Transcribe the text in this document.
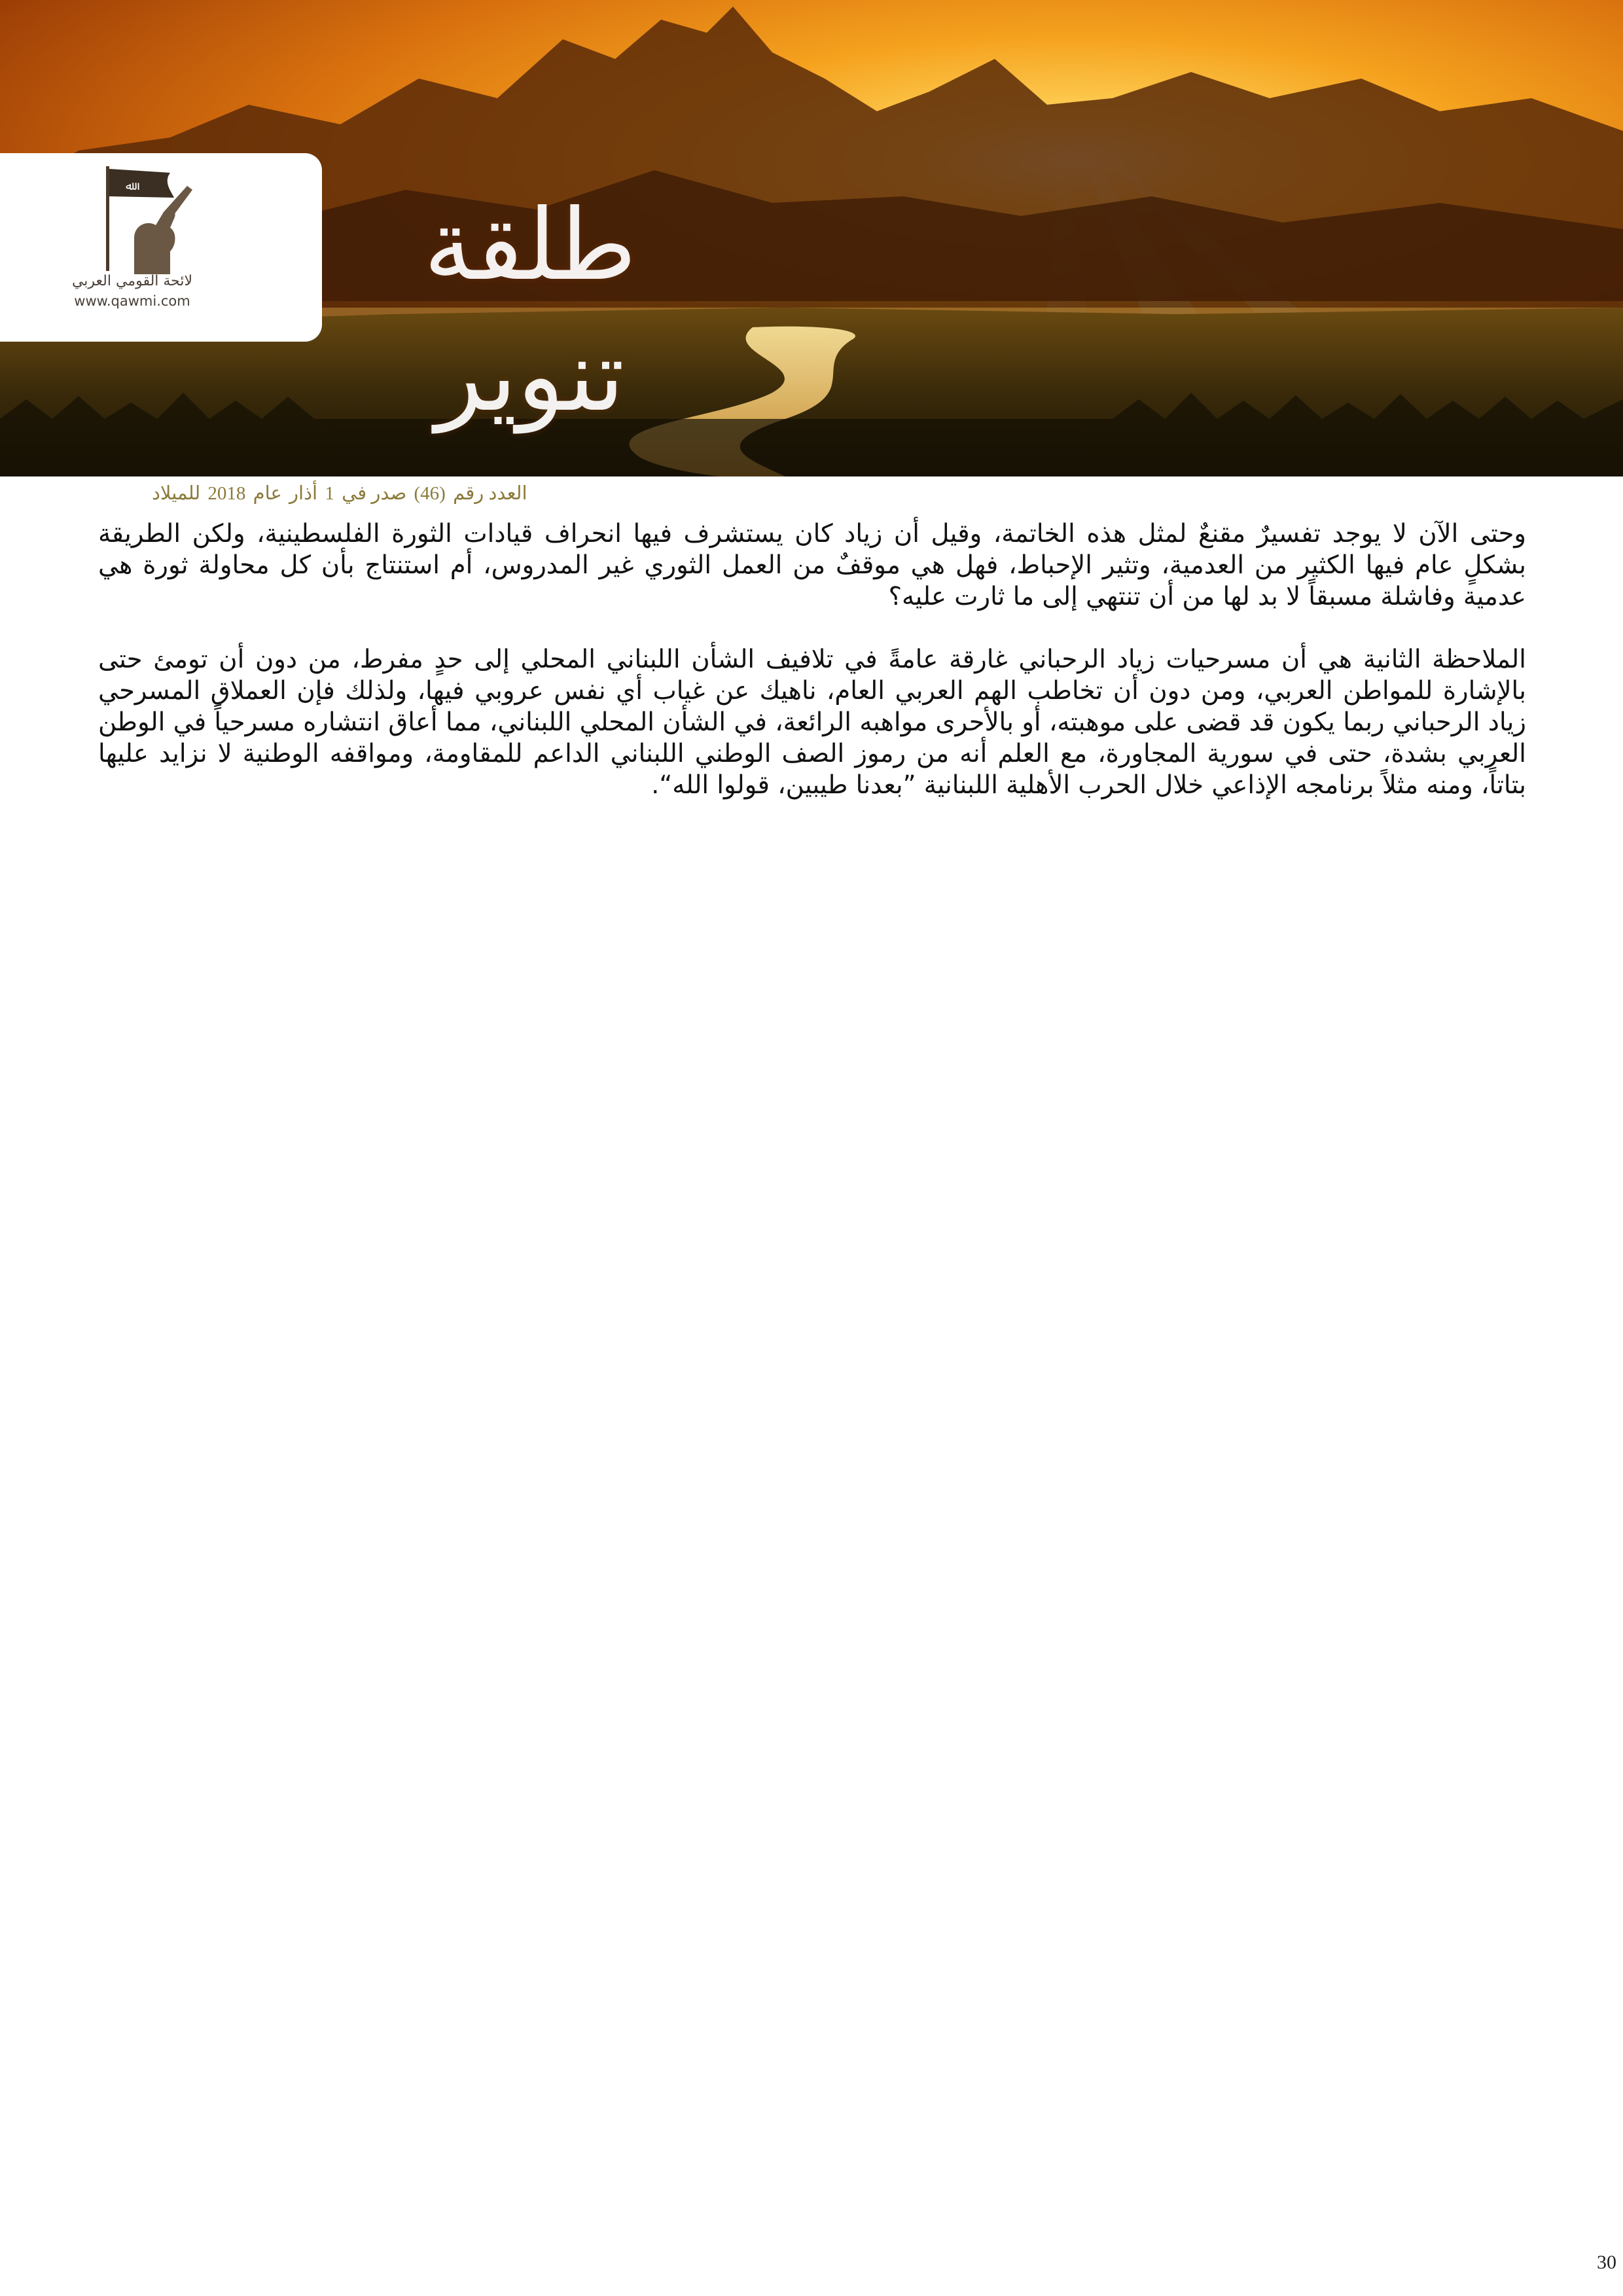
ﷲ
لائحة القومي العربي
www.qawmi.com	طلقة تنوير
العدد رقم (46) صدر في 1 أذار عام 2018 للميلاد

وحتى الآن لا يوجد تفسيرٌ مقنعٌ لمثل هذه الخاتمة، وقيل أن زياد كان يستشرف فيها انحراف قيادات الثورة الفلسطينية، ولكن الطريقة بشكلٍ عام فيها الكثير من العدمية، وتثير الإحباط، فهل هي موقفٌ من العمل الثوري غير المدروس، أم استنتاج بأن كل محاولة ثورة هي عدمية وفاشلة مسبقاً لا بد لها من أن تنتهي إلى ما ثارت عليه؟

الملاحظة الثانية هي أن مسرحيات زياد الرحباني غارقة عامةً في تلافيف الشأن اللبناني المحلي إلى حدٍ مفرط، من دون أن تومئ حتى بالإشارة للمواطن العربي، ومن دون أن تخاطب الهم العربي العام، ناهيك عن غياب أي نفس عروبي فيها، ولذلك فإن العملاق المسرحي زياد الرحباني ربما يكون قد قضى على موهبته، أو بالأحرى مواهبه الرائعة، في الشأن المحلي اللبناني، مما أعاق انتشاره مسرحياً في الوطن العربي بشدة، حتى في سورية المجاورة، مع العلم أنه من رموز الصف الوطني اللبناني الداعم للمقاومة، ومواقفه الوطنية لا نزايد عليها بتاتاً، ومنه مثلاً برنامجه الإذاعي خلال الحرب الأهلية اللبنانية ”بعدنا طيبين، قولوا الله“.

30
